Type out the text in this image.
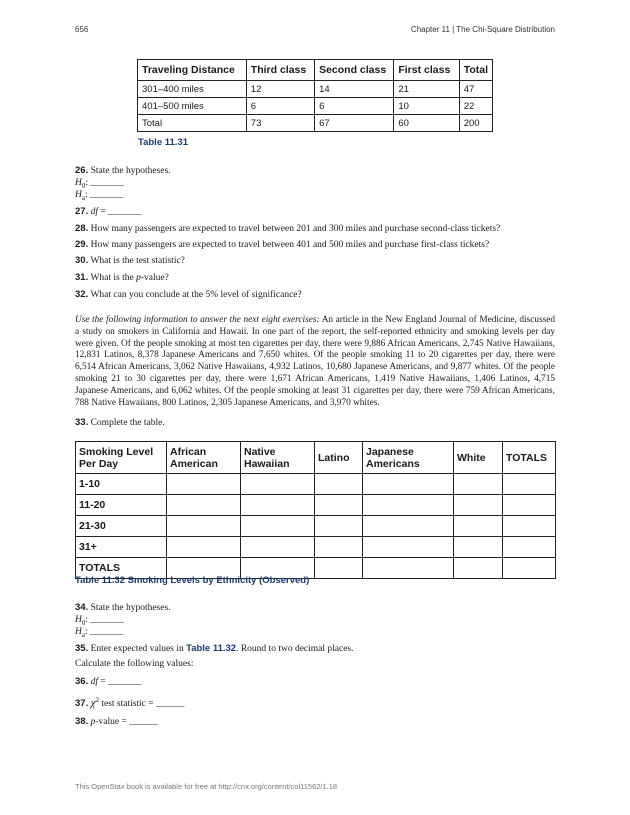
656	Chapter 11 | The Chi-Square Distribution
Traveling Distance	Third class	Second class	First class	Total
301–400 miles	12	14	21	47
401–500 miles	6	6	10	22
Total	73	67	60	200
Table 11.31
26. State the hypotheses.
$H_0$: _______
$H_a$: _______
27. df = _______
28. How many passengers are expected to travel between 201 and 300 miles and purchase second-class tickets?
29. How many passengers are expected to travel between 401 and 500 miles and purchase first-class tickets?
30. What is the test statistic?
31. What is the p-value?
32. What can you conclude at the 5% level of significance?
Use the following information to answer the next eight exercises: An article in the New England Journal of Medicine, discussed a study on smokers in California and Hawaii. In one part of the report, the self-reported ethnicity and smoking levels per day were given. Of the people smoking at most ten cigarettes per day, there were 9,886 African Americans, 2,745 Native Hawaiians, 12,831 Latinos, 8,378 Japanese Americans and 7,650 whites. Of the people smoking 11 to 20 cigarettes per day, there were 6,514 African Americans, 3,062 Native Hawaiians, 4,932 Latinos, 10,680 Japanese Americans, and 9,877 whites. Of the people smoking 21 to 30 cigarettes per day, there were 1,671 African Americans, 1,419 Native Hawaiians, 1,406 Latinos, 4,715 Japanese Americans, and 6,062 whites. Of the people smoking at least 31 cigarettes per day, there were 759 African Americans, 788 Native Hawaiians, 800 Latinos, 2,305 Japanese Americans, and 3,970 whites.
33. Complete the table.
Smoking Level Per Day	African American	Native Hawaiian	Latino	Japanese Americans	White	TOTALS
1-10						
11-20						
21-30						
31+						
TOTALS						
Table 11.32 Smoking Levels by Ethnicity (Observed)
34. State the hypotheses.
$H_0$: _______
$H_a$: _______
35. Enter expected values in Table 11.32. Round to two decimal places.
Calculate the following values:
36. df = _______
37. $\chi^2$ test statistic = ______
38. p-value = ______
This OpenStax book is available for free at http://cnx.org/content/col11562/1.18
